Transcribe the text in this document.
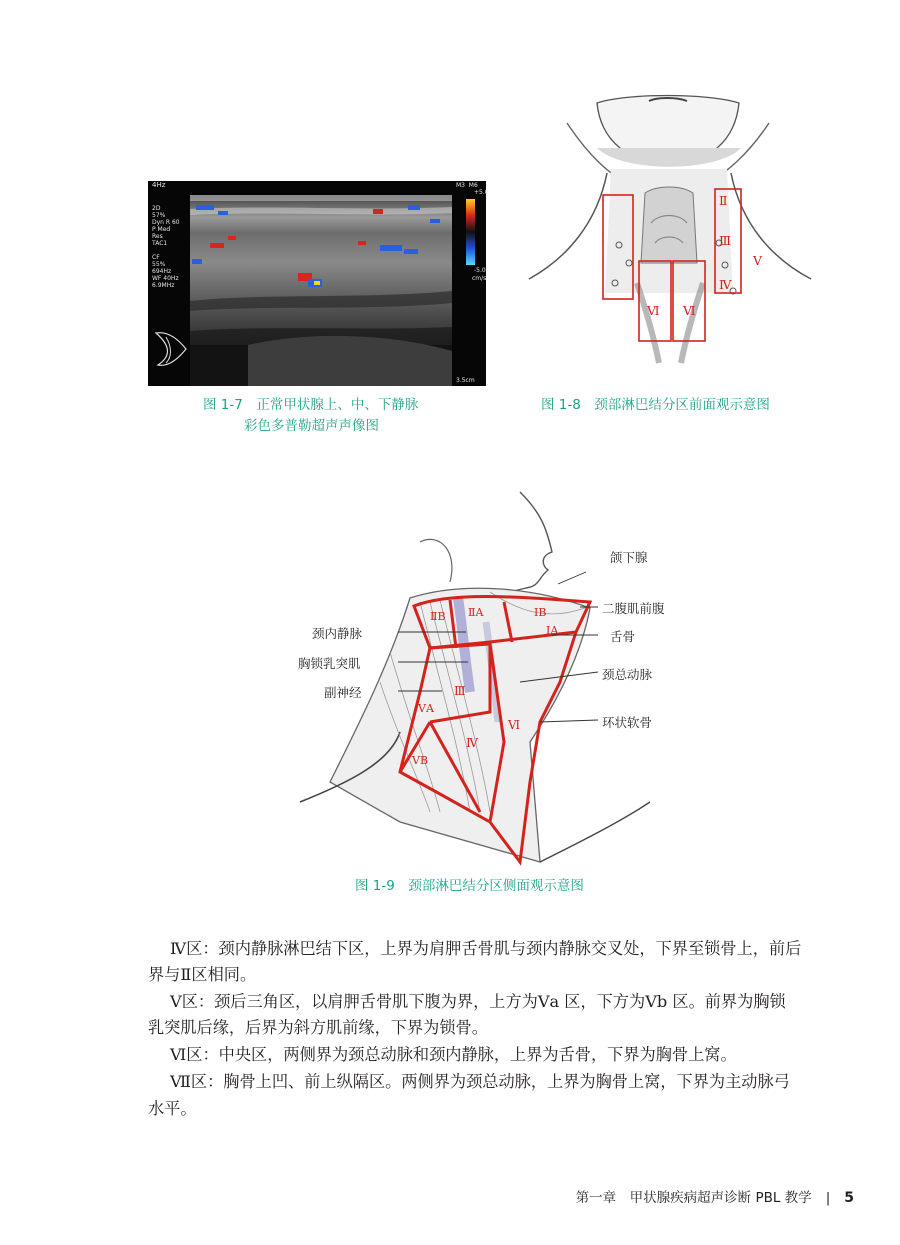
4Hz
2D
57%
Dyn R 60
P Med
Res
TAC1

CF
55%
694Hz
WF 40Hz
6.9MHz
M3  M6
+5.0
-5.0
cm/s
3.5cm
图 1-7　正常甲状腺上、中、下静脉
彩色多普勒超声声像图
Ⅱ
Ⅲ
Ⅳ
Ⅴ
Ⅵ Ⅵ
图 1-8　颈部淋巴结分区前面观示意图
颌下腺
二腹肌前腹
舌骨
颈总动脉
环状软骨
颈内静脉
胸锁乳突肌
副神经
ⅡB ⅡA	ⅠB
ⅠA
Ⅲ
ⅤA
Ⅵ
Ⅳ
ⅤB
图 1-9　颈部淋巴结分区侧面观示意图
Ⅳ区：颈内静脉淋巴结下区，上界为肩胛舌骨肌与颈内静脉交叉处，下界至锁骨上，前后
界与Ⅱ区相同。
Ⅴ区：颈后三角区，以肩胛舌骨肌下腹为界，上方为Ⅴa 区，下方为Ⅴb 区。前界为胸锁
乳突肌后缘，后界为斜方肌前缘，下界为锁骨。
Ⅵ区：中央区，两侧界为颈总动脉和颈内静脉，上界为舌骨，下界为胸骨上窝。
Ⅶ区：胸骨上凹、前上纵隔区。两侧界为颈总动脉，上界为胸骨上窝，下界为主动脉弓
水平。
第一章　甲状腺疾病超声诊断 PBL 教学 | 5
